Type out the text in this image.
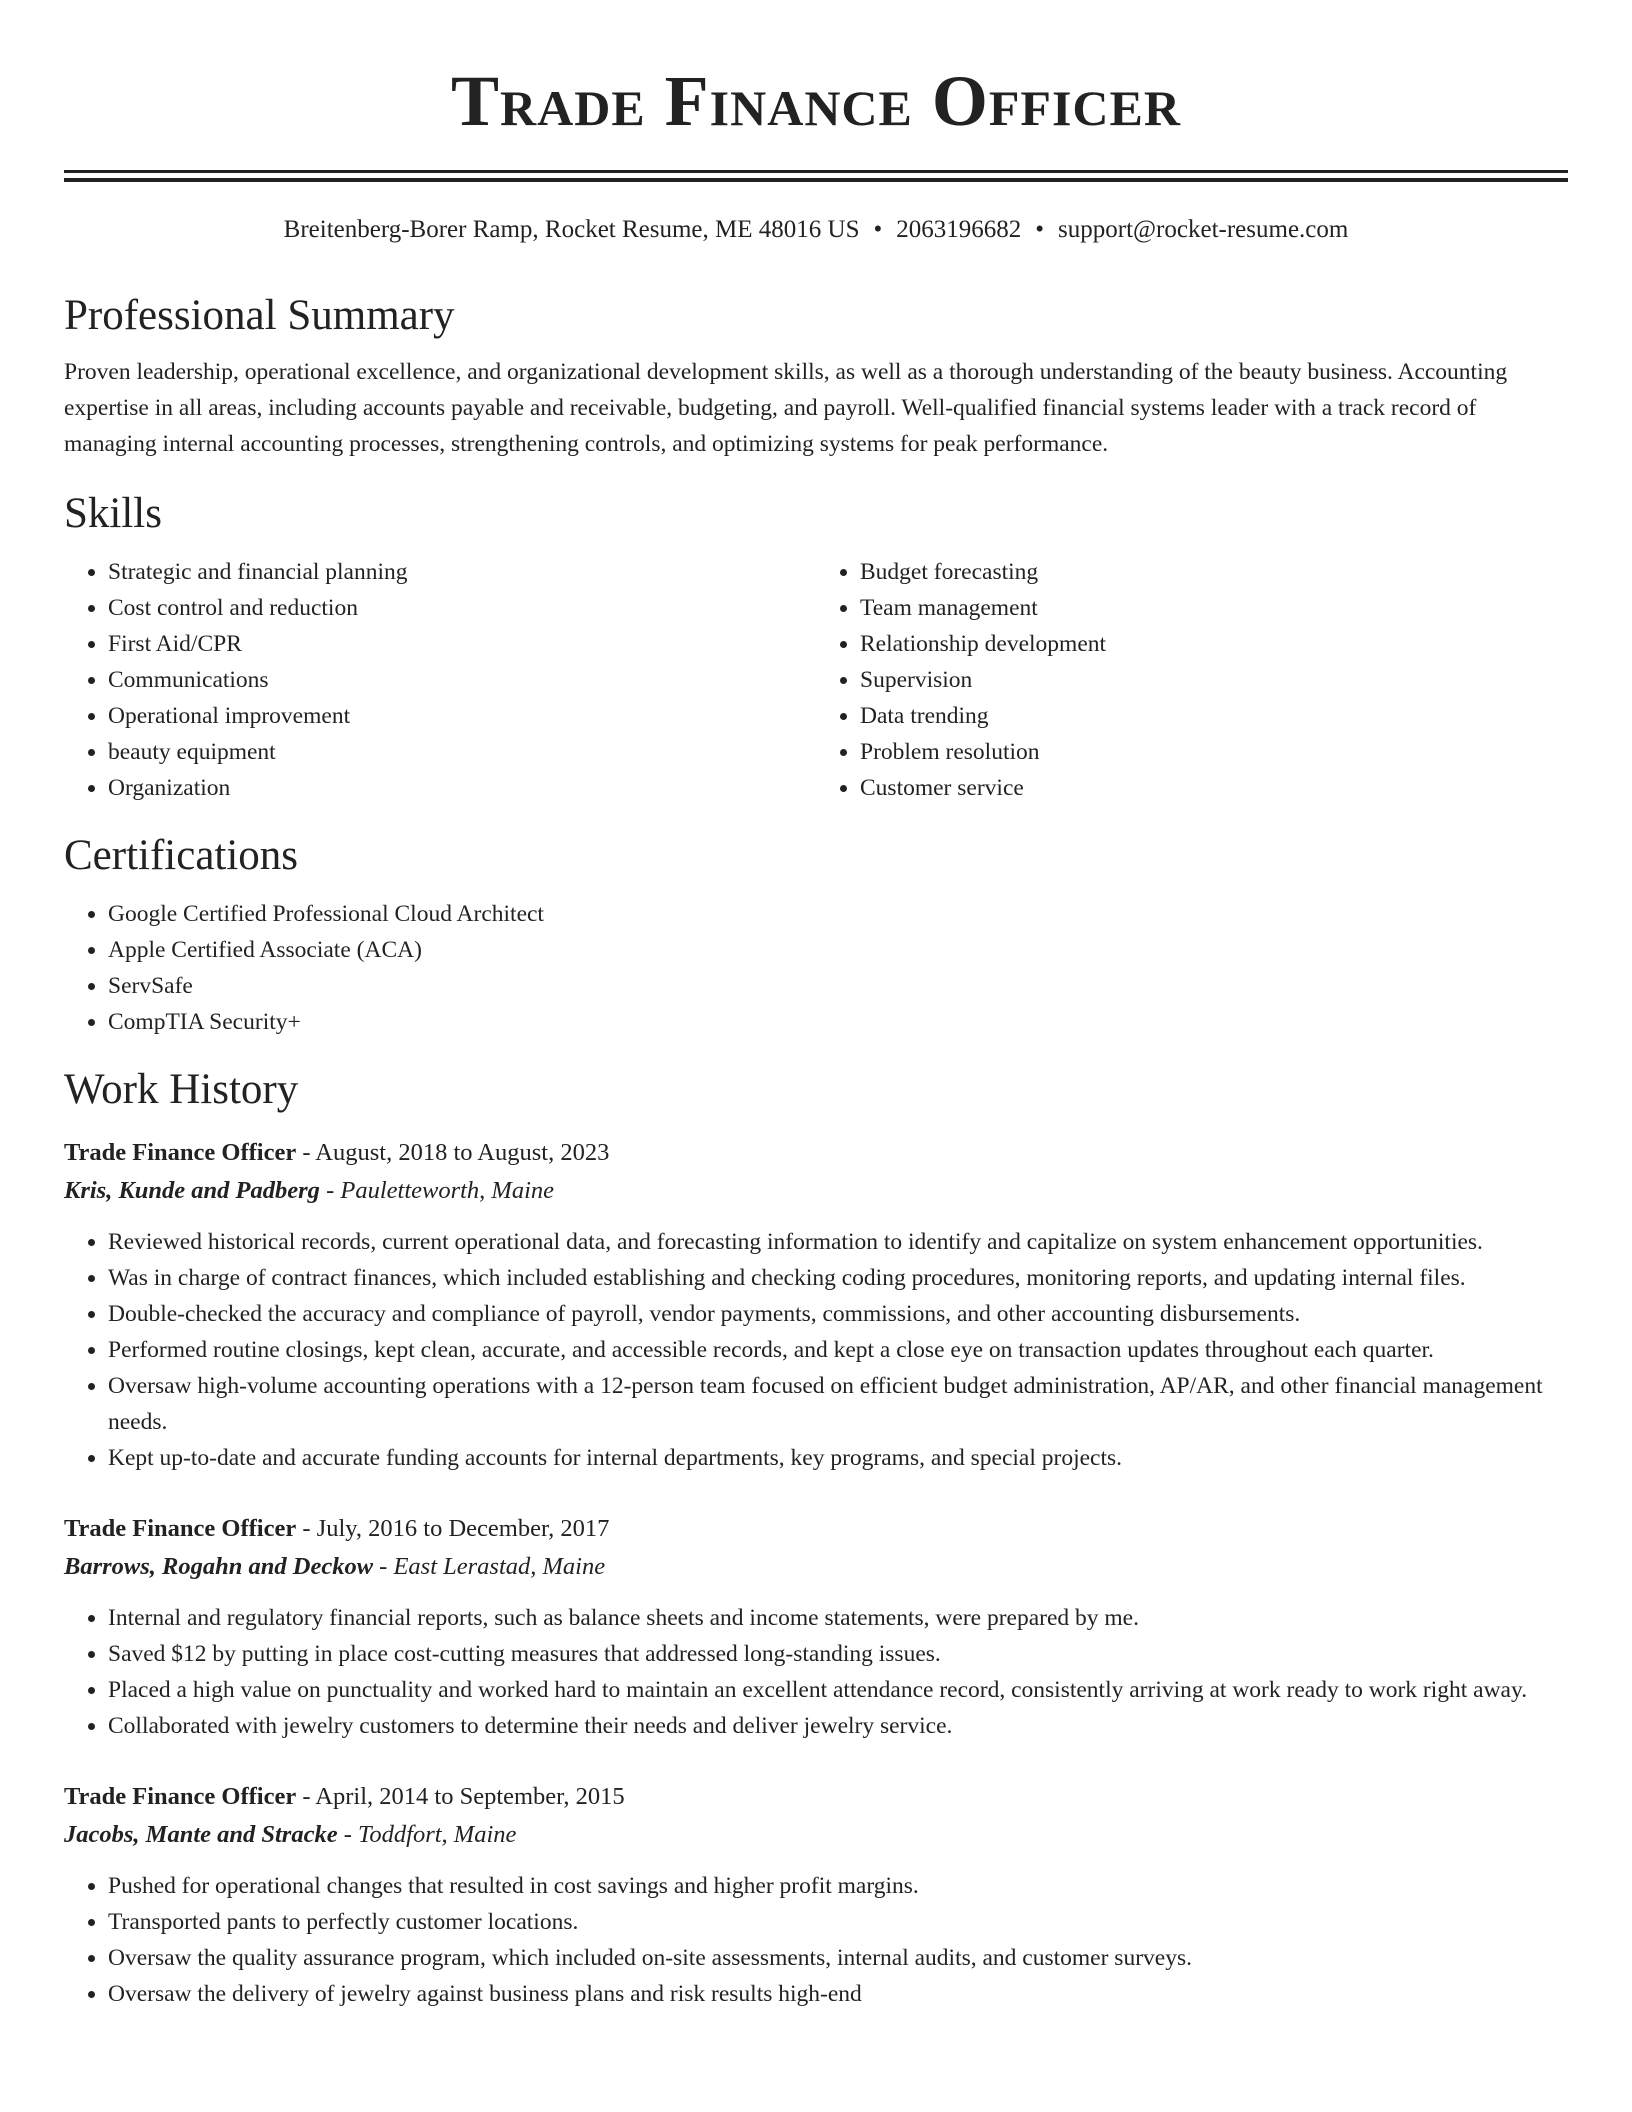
Trade Finance Officer
Breitenberg-Borer Ramp, Rocket Resume, ME 48016 US • 2063196682 • support@rocket-resume.com
Professional Summary

Proven leadership, operational excellence, and organizational development skills, as well as a thorough understanding of the beauty business. Accounting expertise in all areas, including accounts payable and receivable, budgeting, and payroll. Well-qualified financial systems leader with a track record of managing internal accounting processes, strengthening controls, and optimizing systems for peak performance.

Skills
• Strategic and financial planning
• Cost control and reduction
• First Aid/CPR
• Communications
• Operational improvement
• beauty equipment
• Organization
• Budget forecasting
• Team management
• Relationship development
• Supervision
• Data trending
• Problem resolution
• Customer service
Certifications
• Google Certified Professional Cloud Architect
• Apple Certified Associate (ACA)
• ServSafe
• CompTIA Security+
Work History
Trade Finance Officer - August, 2018 to August, 2023
Kris, Kunde and Padberg - Pauletteworth, Maine
• Reviewed historical records, current operational data, and forecasting information to identify and capitalize on system enhancement opportunities.
• Was in charge of contract finances, which included establishing and checking coding procedures, monitoring reports, and updating internal files.
• Double-checked the accuracy and compliance of payroll, vendor payments, commissions, and other accounting disbursements.
• Performed routine closings, kept clean, accurate, and accessible records, and kept a close eye on transaction updates throughout each quarter.
• Oversaw high-volume accounting operations with a 12-person team focused on efficient budget administration, AP/AR, and other financial management needs.
• Kept up-to-date and accurate funding accounts for internal departments, key programs, and special projects.
Trade Finance Officer - July, 2016 to December, 2017
Barrows, Rogahn and Deckow - East Lerastad, Maine
• Internal and regulatory financial reports, such as balance sheets and income statements, were prepared by me.
• Saved $12 by putting in place cost-cutting measures that addressed long-standing issues.
• Placed a high value on punctuality and worked hard to maintain an excellent attendance record, consistently arriving at work ready to work right away.
• Collaborated with jewelry customers to determine their needs and deliver jewelry service.
Trade Finance Officer - April, 2014 to September, 2015
Jacobs, Mante and Stracke - Toddfort, Maine
• Pushed for operational changes that resulted in cost savings and higher profit margins.
• Transported pants to perfectly customer locations.
• Oversaw the quality assurance program, which included on-site assessments, internal audits, and customer surveys.
• Oversaw the delivery of jewelry against business plans and risk results high-end
